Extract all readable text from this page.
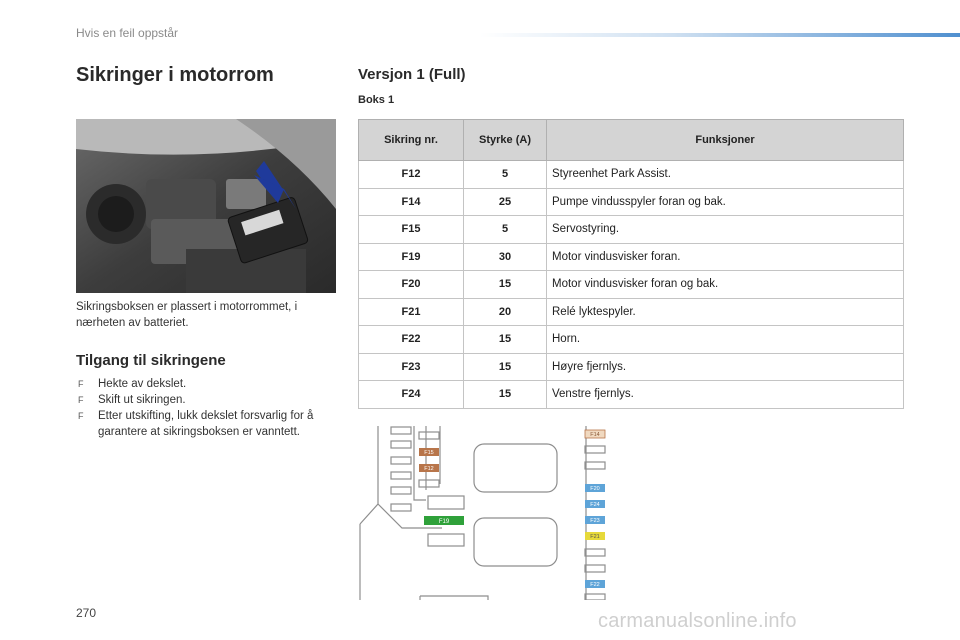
Hvis en feil oppstår
Sikringer i motorrom
Sikringsboksen er plassert i motorrommet, i nærheten av batteriet.
Tilgang til sikringene
F Hekte av dekslet.
F Skift ut sikringen.
F Etter utskifting, lukk dekslet forsvarlig for å garantere at sikringsboksen er vanntett.
Versjon 1 (Full)
Boks 1
Sikring nr.	Styrke (A)	Funksjoner
F12	5	Styreenhet Park Assist.
F14	25	Pumpe vindusspyler foran og bak.
F15	5	Servostyring.
F19	30	Motor vindusvisker foran.
F20	15	Motor vindusvisker foran og bak.
F21	20	Relé lyktespyler.
F22	15	Horn.
F23	15	Høyre fjernlys.
F24	15	Venstre fjernlys.
F15
F12
F19
F14
F20
F24
F23
F21
F22
270	carmanualsonline.info
